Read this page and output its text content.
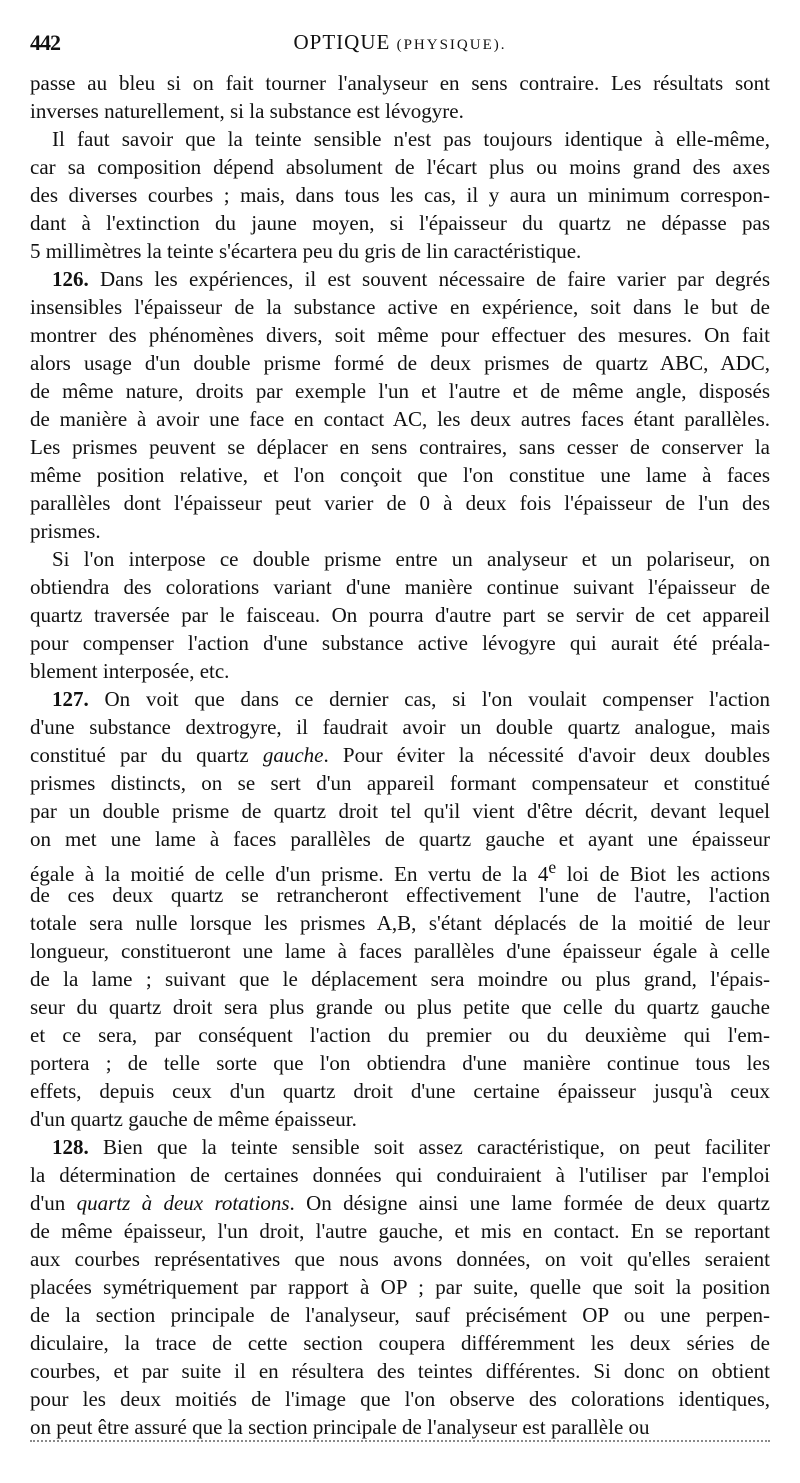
442	OPTIQUE (PHYSIQUE).
passe au bleu si on fait tourner l'analyseur en sens contraire. Les résultats sont
inverses naturellement, si la substance est lévogyre.
Il faut savoir que la teinte sensible n'est pas toujours identique à elle-même,
car sa composition dépend absolument de l'écart plus ou moins grand des axes
des diverses courbes ; mais, dans tous les cas, il y aura un minimum correspon-
dant à l'extinction du jaune moyen, si l'épaisseur du quartz ne dépasse pas
5 millimètres la teinte s'écartera peu du gris de lin caractéristique.
126. Dans les expériences, il est souvent nécessaire de faire varier par degrés
insensibles l'épaisseur de la substance active en expérience, soit dans le but de
montrer des phénomènes divers, soit même pour effectuer des mesures. On fait
alors usage d'un double prisme formé de deux prismes de quartz ABC, ADC,
de même nature, droits par exemple l'un et l'autre et de même angle, disposés
de manière à avoir une face en contact AC, les deux autres faces étant parallèles.
Les prismes peuvent se déplacer en sens contraires, sans cesser de conserver la
même position relative, et l'on conçoit que l'on constitue une lame à faces
parallèles dont l'épaisseur peut varier de 0 à deux fois l'épaisseur de l'un des
prismes.
Si l'on interpose ce double prisme entre un analyseur et un polariseur, on
obtiendra des colorations variant d'une manière continue suivant l'épaisseur de
quartz traversée par le faisceau. On pourra d'autre part se servir de cet appareil
pour compenser l'action d'une substance active lévogyre qui aurait été préala-
blement interposée, etc.
127. On voit que dans ce dernier cas, si l'on voulait compenser l'action
d'une substance dextrogyre, il faudrait avoir un double quartz analogue, mais
constitué par du quartz gauche. Pour éviter la nécessité d'avoir deux doubles
prismes distincts, on se sert d'un appareil formant compensateur et constitué
par un double prisme de quartz droit tel qu'il vient d'être décrit, devant lequel
on met une lame à faces parallèles de quartz gauche et ayant une épaisseur
égale à la moitié de celle d'un prisme. En vertu de la 4e loi de Biot les actions
de ces deux quartz se retrancheront effectivement l'une de l'autre, l'action
totale sera nulle lorsque les prismes A,B, s'étant déplacés de la moitié de leur
longueur, constitueront une lame à faces parallèles d'une épaisseur égale à celle
de la lame ; suivant que le déplacement sera moindre ou plus grand, l'épais-
seur du quartz droit sera plus grande ou plus petite que celle du quartz gauche
et ce sera, par conséquent l'action du premier ou du deuxième qui l'em-
portera ; de telle sorte que l'on obtiendra d'une manière continue tous les
effets, depuis ceux d'un quartz droit d'une certaine épaisseur jusqu'à ceux
d'un quartz gauche de même épaisseur.
128. Bien que la teinte sensible soit assez caractéristique, on peut faciliter
la détermination de certaines données qui conduiraient à l'utiliser par l'emploi
d'un quartz à deux rotations. On désigne ainsi une lame formée de deux quartz
de même épaisseur, l'un droit, l'autre gauche, et mis en contact. En se reportant
aux courbes représentatives que nous avons données, on voit qu'elles seraient
placées symétriquement par rapport à OP ; par suite, quelle que soit la position
de la section principale de l'analyseur, sauf précisément OP ou une perpen-
diculaire, la trace de cette section coupera différemment les deux séries de
courbes, et par suite il en résultera des teintes différentes. Si donc on obtient
pour les deux moitiés de l'image que l'on observe des colorations identiques,
on peut être assuré que la section principale de l'analyseur est parallèle ou
